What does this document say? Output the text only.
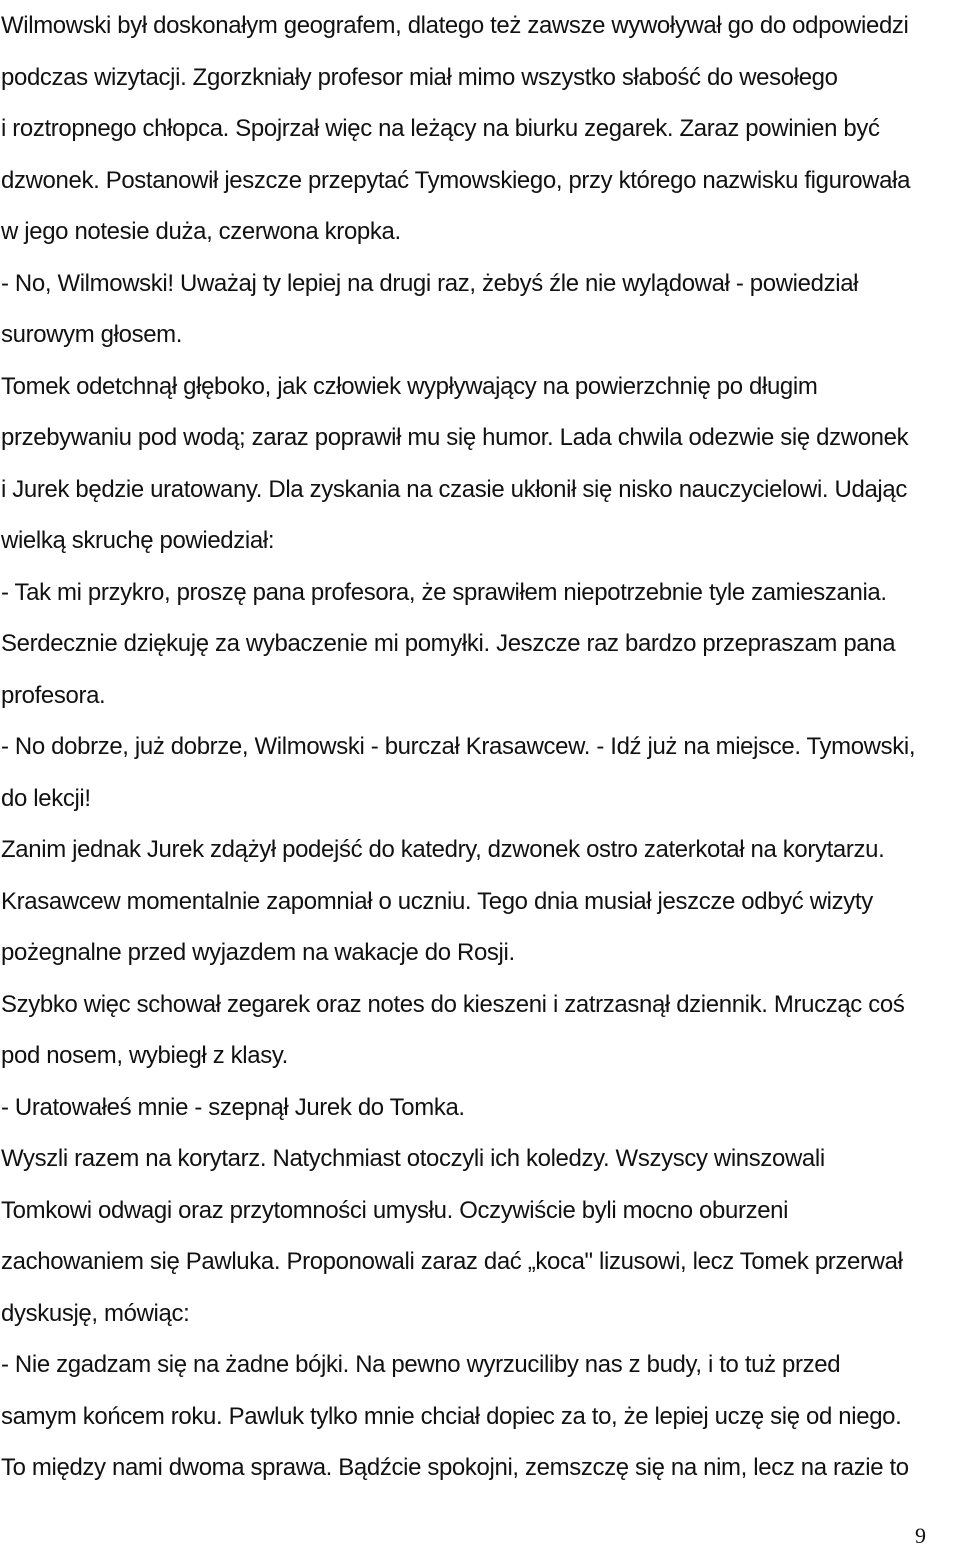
Wilmowski był doskonałym geografem, dlatego też zawsze wywoływał go do odpowiedzi
podczas wizytacji. Zgorzkniały profesor miał mimo wszystko słabość do wesołego
i roztropnego chłopca. Spojrzał więc na leżący na biurku zegarek. Zaraz powinien być
dzwonek. Postanowił jeszcze przepytać Tymowskiego, przy którego nazwisku figurowała
w jego notesie duża, czerwona kropka.
- No, Wilmowski! Uważaj ty lepiej na drugi raz, żebyś źle nie wylądował - powiedział
surowym głosem.
Tomek odetchnął głęboko, jak człowiek wypływający na powierzchnię po długim
przebywaniu pod wodą; zaraz poprawił mu się humor. Lada chwila odezwie się dzwonek
i Jurek będzie uratowany. Dla zyskania na czasie ukłonił się nisko nauczycielowi. Udając
wielką skruchę powiedział:
- Tak mi przykro, proszę pana profesora, że sprawiłem niepotrzebnie tyle zamieszania.
Serdecznie dziękuję za wybaczenie mi pomyłki. Jeszcze raz bardzo przepraszam pana
profesora.
- No dobrze, już dobrze, Wilmowski - burczał Krasawcew. - Idź już na miejsce. Tymowski,
do lekcji!
Zanim jednak Jurek zdążył podejść do katedry, dzwonek ostro zaterkotał na korytarzu.
Krasawcew momentalnie zapomniał o uczniu. Tego dnia musiał jeszcze odbyć wizyty
pożegnalne przed wyjazdem na wakacje do Rosji.
Szybko więc schował zegarek oraz notes do kieszeni i zatrzasnął dziennik. Mrucząc coś
pod nosem, wybiegł z klasy.
- Uratowałeś mnie - szepnął Jurek do Tomka.
Wyszli razem na korytarz. Natychmiast otoczyli ich koledzy. Wszyscy winszowali
Tomkowi odwagi oraz przytomności umysłu. Oczywiście byli mocno oburzeni
zachowaniem się Pawluka. Proponowali zaraz dać „koca" lizusowi, lecz Tomek przerwał
dyskusję, mówiąc:
- Nie zgadzam się na żadne bójki. Na pewno wyrzuciliby nas z budy, i to tuż przed
samym końcem roku. Pawluk tylko mnie chciał dopiec za to, że lepiej uczę się od niego.
To między nami dwoma sprawa. Bądźcie spokojni, zemszczę się na nim, lecz na razie to
9
